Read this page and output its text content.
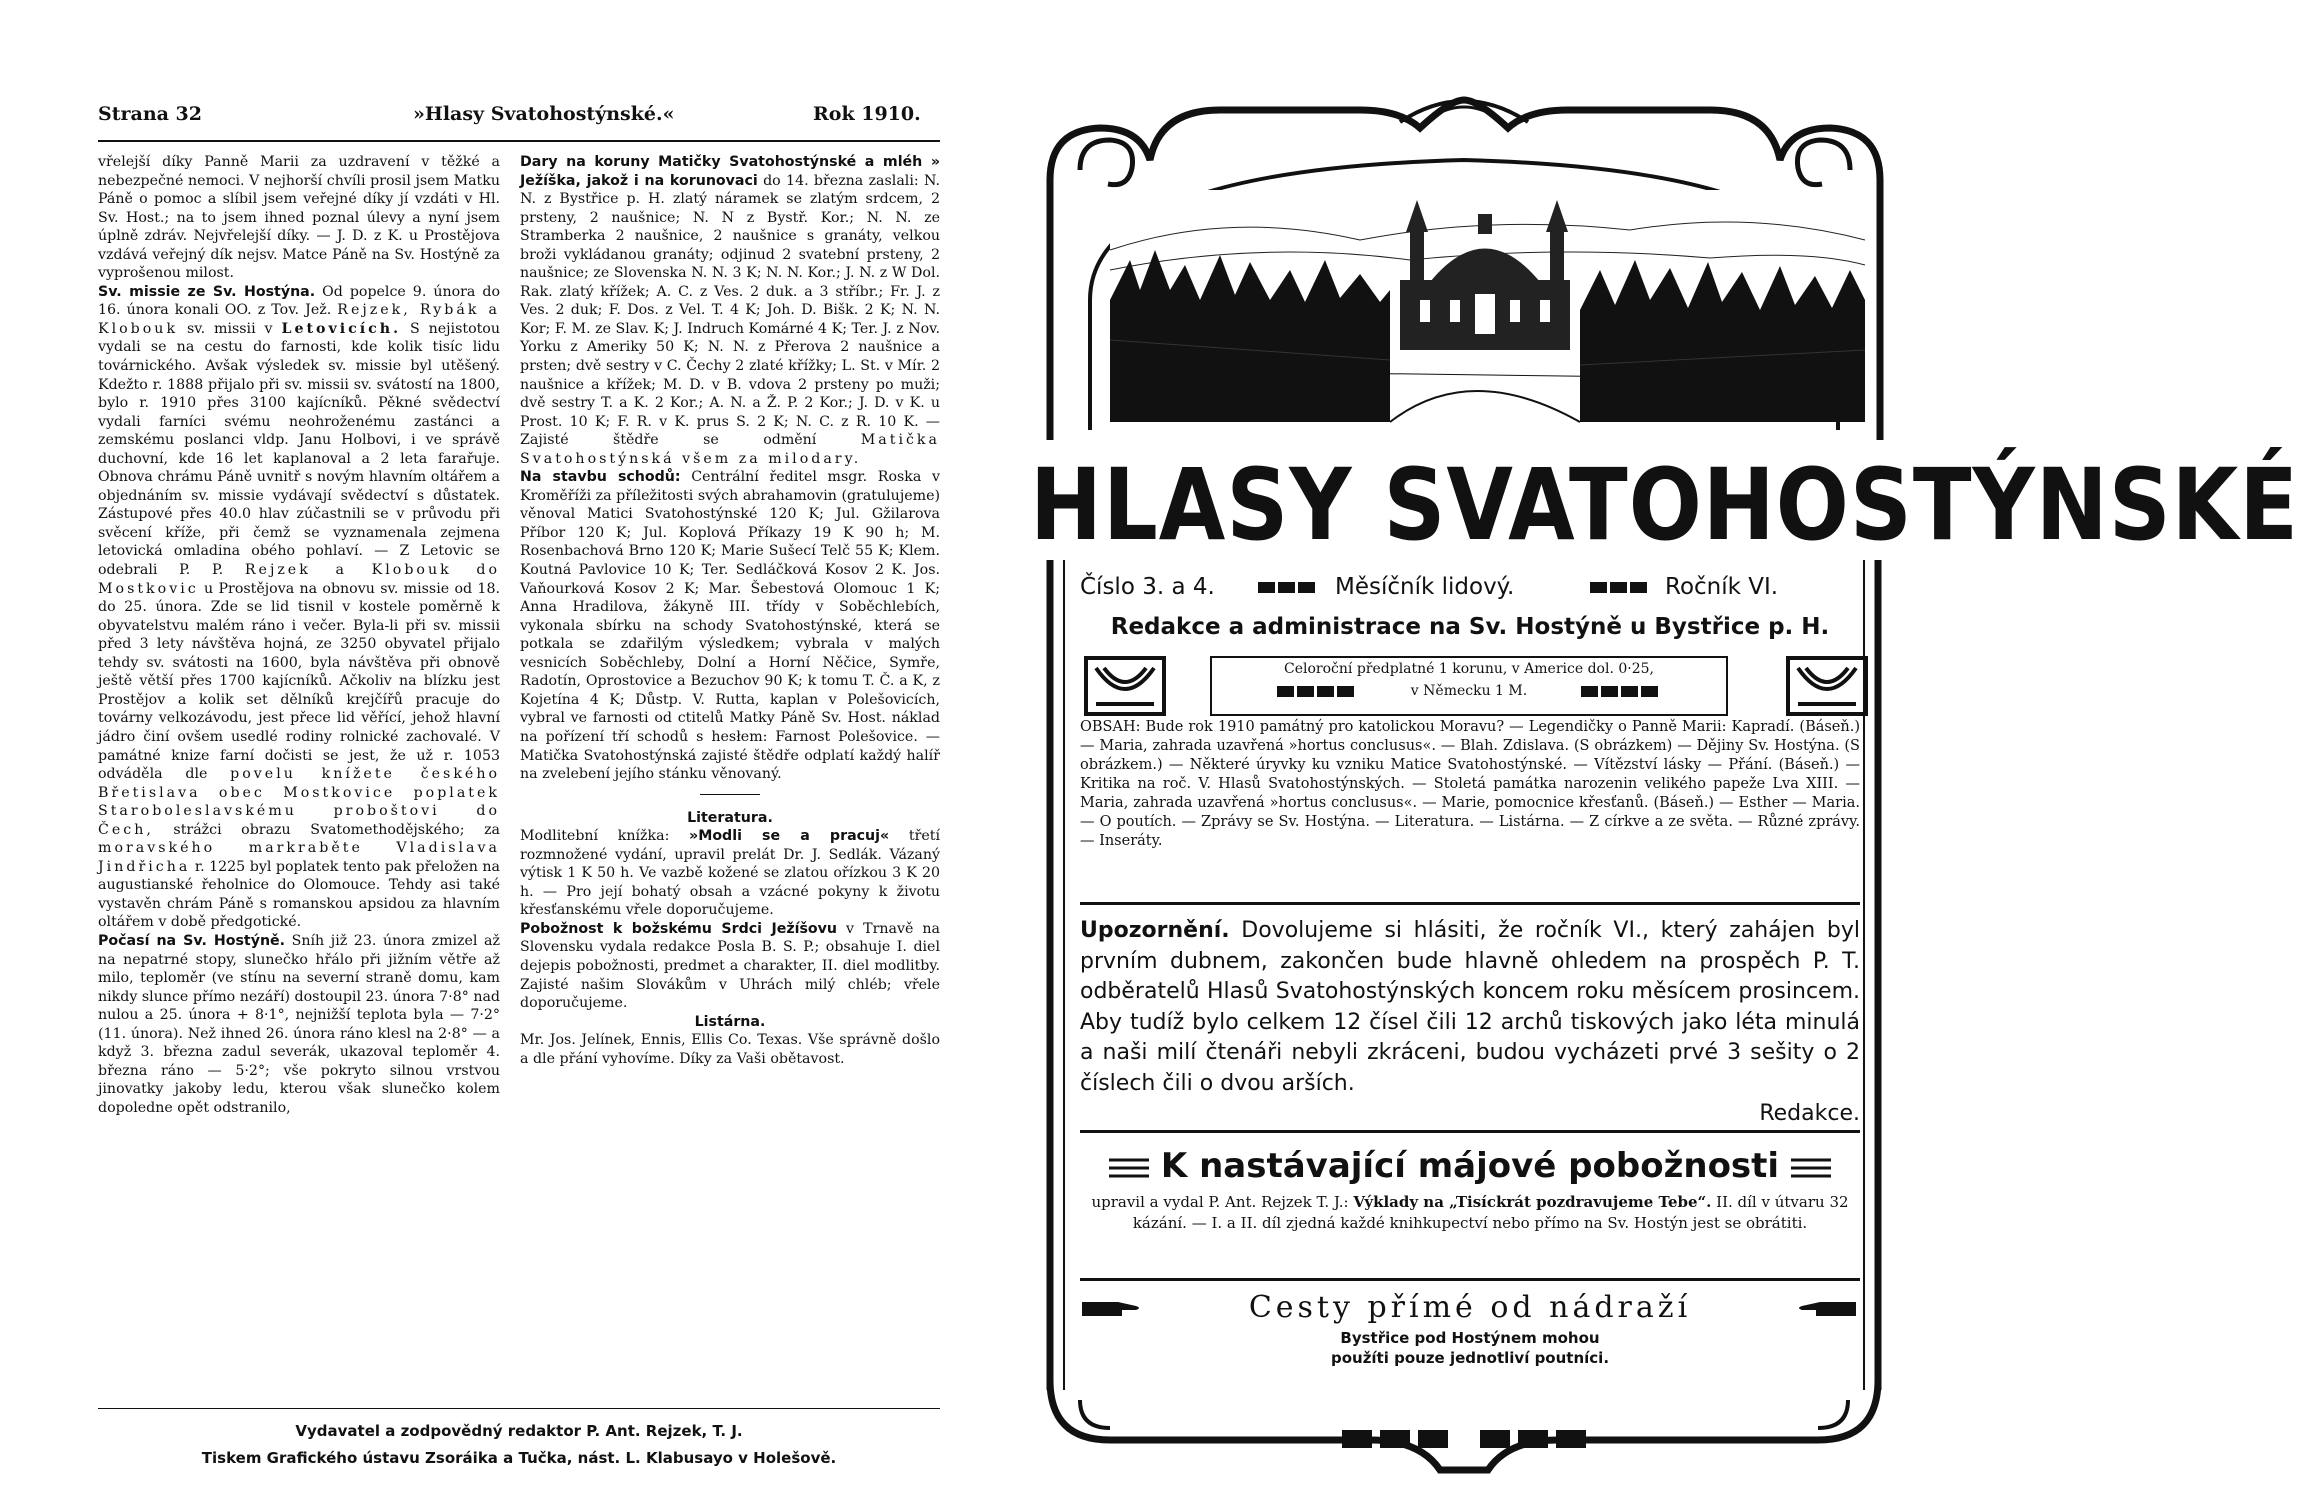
Strana 32	»Hlasy Svatohostýnské.«	Rok 1910.

vřelejší díky Panně Marii za uzdravení v těžké a nebezpečné nemoci. V nejhorší chvíli prosil jsem Matku Páně o pomoc a slíbil jsem veřejné díky jí vzdáti v Hl. Sv. Host.; na to jsem ihned poznal úlevy a nyní jsem úplně zdráv. Nejvřelejší díky. — J. D. z K. u Prostějova vzdává veřejný dík nejsv. Matce Páně na Sv. Hostýně za vyprošenou milost.

Sv. missie ze Sv. Hostýna. Od popelce 9. února do 16. února konali OO. z Tov. Jež. Rejzek, Rybák a Klobouk sv. missii v Letovicích. S nejistotou vydali se na cestu do farnosti, kde kolik tisíc lidu továrnického. Avšak výsledek sv. missie byl utěšený. Kdežto r. 1888 přijalo při sv. missii sv. svátostí na 1800, bylo r. 1910 přes 3100 kajícníků. Pěkné svědectví vydali farníci svému neohroženému zastánci a zemskému poslanci vldp. Janu Holbovi, i ve správě duchovní, kde 16 let kaplanoval a 2 leta farařuje. Obnova chrámu Páně uvnitř s novým hlavním oltářem a objednáním sv. missie vydávají svědectví s důstatek. Zástupové přes 40.0 hlav zúčastnili se v průvodu při svěcení kříže, při čemž se vyznamenala zejmena letovická omladina obého pohlaví. — Z Letovic se odebrali P. P. Rejzek a Klobouk do Mostkovic u Prostějova na obnovu sv. missie od 18. do 25. února. Zde se lid tisnil v kostele poměrně k obyvatelstvu malém ráno i večer. Byla-li při sv. missii před 3 lety návštěva hojná, ze 3250 obyvatel přijalo tehdy sv. svátosti na 1600, byla návštěva při obnově ještě větší přes 1700 kajícníků. Ačkoliv na blízku jest Prostějov a kolik set dělníků krejčířů pracuje do továrny velkozávodu, jest přece lid věřící, jehož hlavní jádro činí ovšem usedlé rodiny rolnické zachovalé. V památné knize farní dočisti se jest, že už r. 1053 odváděla dle povelu knížete českého Břetislava obec Mostkovice poplatek Staroboleslavskému proboštovi do Čech, strážci obrazu Svatomethodějského; za moravského markraběte Vladislava Jindřicha r. 1225 byl poplatek tento pak přeložen na augustianské řeholnice do Olomouce. Tehdy asi také vystavěn chrám Páně s romanskou apsidou za hlavním oltářem v době předgotické.

Počasí na Sv. Hostýně. Sníh již 23. února zmizel až na nepatrné stopy, slunečko hřálo při jižním větře až milo, teploměr (ve stínu na severní straně domu, kam nikdy slunce přímo nezáří) dostoupil 23. února 7·8° nad nulou a 25. února + 8·1°, nejnižší teplota byla — 7·2° (11. února). Než ihned 26. února ráno klesl na 2·8° — a když 3. března zadul severák, ukazoval teploměr 4. března ráno — 5·2°; vše pokryto silnou vrstvou jinovatky jakoby ledu, kterou však slunečko kolem dopoledne opět odstranilo,

Dary na koruny Matičky Svatohostýnské a mléh » Ježíška, jakož i na korunovaci do 14. března zaslali: N. N. z Bystřice p. H. zlatý náramek se zlatým srdcem, 2 prsteny, 2 naušnice; N. N z Bystř. Kor.; N. N. ze Stramberka 2 naušnice, 2 naušnice s granáty, velkou broži vykládanou granáty; odjinud 2 svatební prsteny, 2 naušnice; ze Slovenska N. N. 3 K; N. N. Kor.; J. N. z W Dol. Rak. zlatý křížek; A. C. z Ves. 2 duk. a 3 stříbr.; Fr. J. z Ves. 2 duk; F. Dos. z Vel. T. 4 K; Joh. D. Bišk. 2 K; N. N. Kor; F. M. ze Slav. K; J. Indruch Komárné 4 K; Ter. J. z Nov. Yorku z Ameriky 50 K; N. N. z Přerova 2 naušnice a prsten; dvě sestry v C. Čechy 2 zlaté křížky; L. St. v Mír. 2 naušnice a křížek; M. D. v B. vdova 2 prsteny po muži; dvě sestry T. a K. 2 Kor.; A. N. a Ž. P. 2 Kor.; J. D. v K. u Prost. 10 K; F. R. v K. prus S. 2 K; N. C. z R. 10 K. — Zajisté štědře se odmění Matička Svatohostýnská všem za milodary.

Na stavbu schodů: Centrální ředitel msgr. Roska v Kroměříži za příležitosti svých abrahamovin (gratulujeme) věnoval Matici Svatohostýnské 120 K; Jul. Gžilarova Příbor 120 K; Jul. Koplová Příkazy 19 K 90 h; M. Rosenbachová Brno 120 K; Marie Sušecí Telč 55 K; Klem. Koutná Pavlovice 10 K; Ter. Sedláčková Kosov 2 K. Jos. Vaňourková Kosov 2 K; Mar. Šebestová Olomouc 1 K; Anna Hradilova, žákyně III. třídy v Soběchlebích, vykonala sbírku na schody Svatohostýnské, která se potkala se zdařilým výsledkem; vybrala v malých vesnicích Soběchleby, Dolní a Horní Něčice, Symře, Radotín, Oprostovice a Bezuchov 90 K; k tomu T. Č. a K, z Kojetína 4 K; Důstp. V. Rutta, kaplan v Polešovicích, vybral ve farnosti od ctitelů Matky Páně Sv. Host. náklad na pořízení tří schodů s hesłem: Farnost Polešovice. — Matička Svatohostýnská zajisté štědře odplatí každý halíř na zvelebení jejího stánku věnovaný.

Literatura.

Modlitební knížka: »Modli se a pracuj« třetí rozmnožené vydání, upravil prelát Dr. J. Sedlák. Vázaný výtisk 1 K 50 h. Ve vazbě kožené se zlatou ořízkou 3 K 20 h. — Pro její bohatý obsah a vzácné pokyny k životu křesťanskému vřele doporučujeme.

Pobožnost k božskému Srdci Ježíšovu v Trnavě na Slovensku vydala redakce Posla B. S. P.; obsahuje I. diel dejepis pobožnosti, predmet a charakter, II. diel modlitby. Zajisté našim Slovákům v Uhrách milý chléb; vřele doporučujeme.

Listárna.

Mr. Jos. Jelínek, Ennis, Ellis Co. Texas. Vše správně došlo a dle přání vyhovíme. Díky za Vaši obětavost.

Vydavatel a zodpovědný redaktor P. Ant. Rejzek, T. J.
Tiskem Grafického ústavu Zsoráika a Tučka, nást. L. Klabusayo v Holešově.
HLASY SVATOHOSTÝNSKÉ
Číslo 3. a 4.	Měsíčník lidový.	Ročník VI.
Redakce a administrace na Sv. Hostýně u Bystřice p. H.
Celoroční předplatné 1 korunu, v Americe dol. 0·25,
v Německu 1 M.
OBSAH: Bude rok 1910 památný pro katolickou Moravu? — Legendičky o Panně Marii: Kapradí. (Báseň.) — Maria, zahrada uzavřená »hortus conclusus«. — Blah. Zdislava. (S obrázkem) — Dějiny Sv. Hostýna. (S obrázkem.) — Některé úryvky ku vzniku Matice Svatohostýnské. — Vítězství lásky — Přání. (Báseň.) — Kritika na roč. V. Hlasů Svatohostýnských. — Stoletá památka narozenin velikého papeže Lva XIII. — Maria, zahrada uzavřená »hortus conclusus«. — Marie, pomocnice křesťanů. (Báseň.) — Esther — Maria. — O poutích. — Zprávy se Sv. Hostýna. — Literatura. — Listárna. — Z církve a ze světa. — Různé zprávy. — Inseráty.
Upozornění. Dovolujeme si hlásiti, že ročník VI., který zahájen byl prvním dubnem, zakončen bude hlavně ohledem na prospěch P. T. odběratelů Hlasů Svatohostýnských koncem roku měsícem prosincem. Aby tudíž bylo celkem 12 čísel čili 12 archů tiskových jako léta minulá a naši milí čtenáři nebyli zkráceni, budou vycházeti prvé 3 sešity o 2 číslech čili o dvou arších.
Redakce.
K nastávající májové pobožnosti
upravil a vydal P. Ant. Rejzek T. J.: Výklady na „Tisíckrát pozdravujeme Tebe“. II. díl v útvaru 32 kázání. — I. a II. díl zjedná každé knihkupectví nebo přímo na Sv. Hostýn jest se obrátiti.
Cesty přímé od nádraží
Bystřice pod Hostýnem mohou
použíti pouze jednotliví poutníci.
